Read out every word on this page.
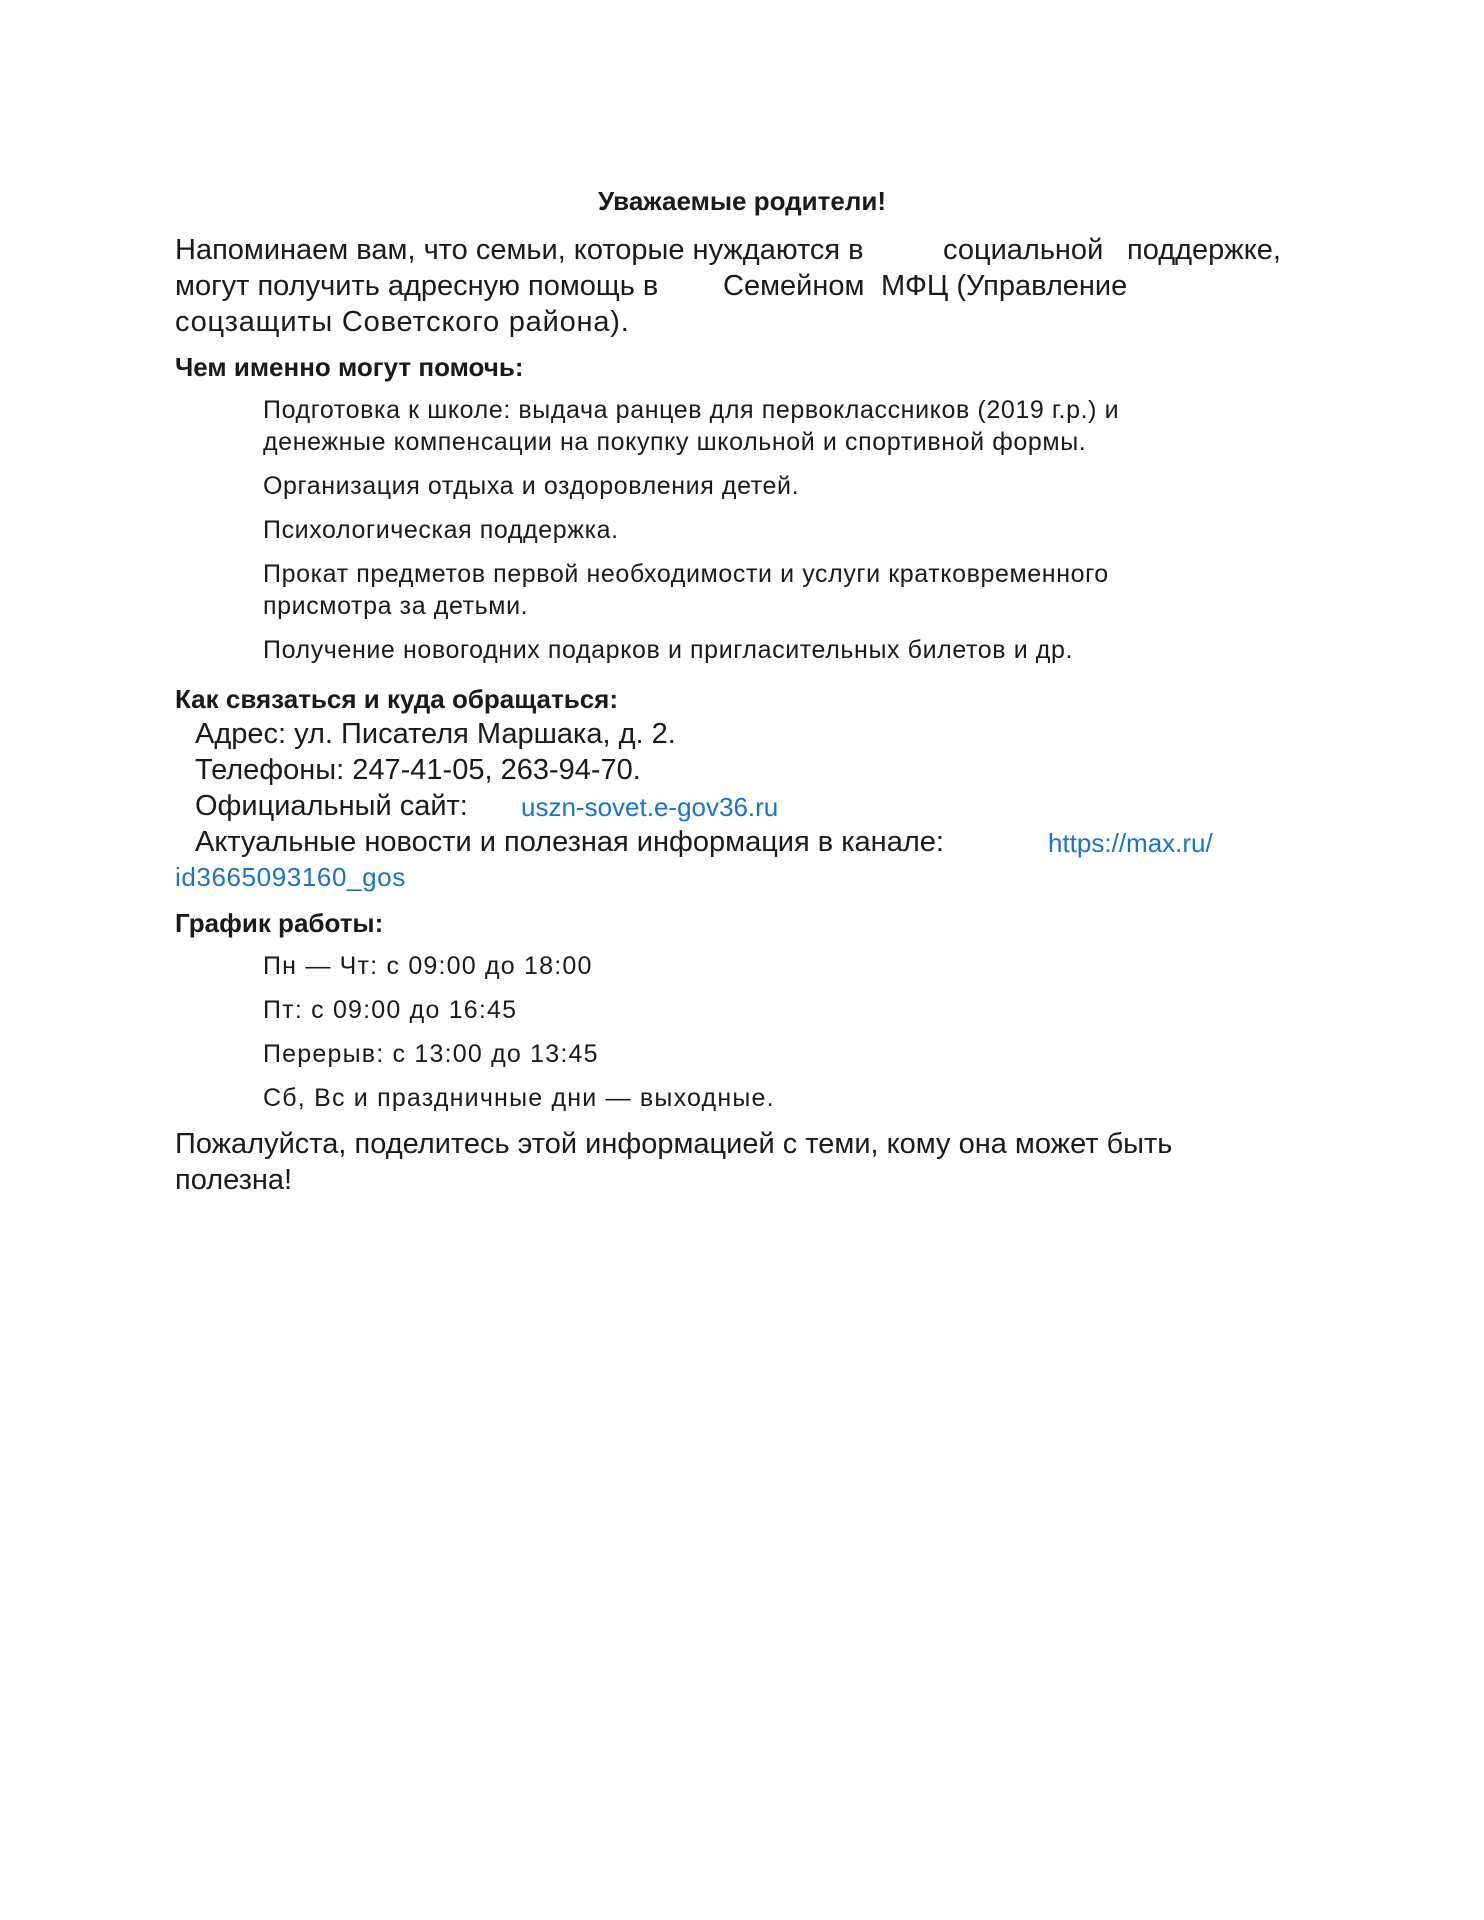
Уважаемые родители!
Напоминаем вам, что семьи, которые нуждаются в	социальной поддержке,
могут получить адресную помощь в Семейном МФЦ (Управление
соцзащиты Советского района).
Чем именно могут помочь:
Подготовка к школе: выдача ранцев для первоклассников (2019 г.р.) и
денежные компенсации на покупку школьной и спортивной формы.
Организация отдыха и оздоровления детей.
Психологическая поддержка.
Прокат предметов первой необходимости и услуги кратковременного
присмотра за детьми.
Получение новогодних подарков и пригласительных билетов и др.
Как связаться и куда обращаться:
Адрес: ул. Писателя Маршака, д. 2.
Телефоны: 247-41-05, 263-94-70.
Официальный сайт: uszn-sovet.e-gov36.ru
Актуальные новости и полезная информация в канале:	https://max.ru/
id3665093160_gos
График работы:
Пн — Чт: с 09:00 до 18:00
Пт: с 09:00 до 16:45
Перерыв: с 13:00 до 13:45
Сб, Вс и праздничные дни — выходные.
Пожалуйста, поделитесь этой информацией с теми, кому она может быть
полезна!
